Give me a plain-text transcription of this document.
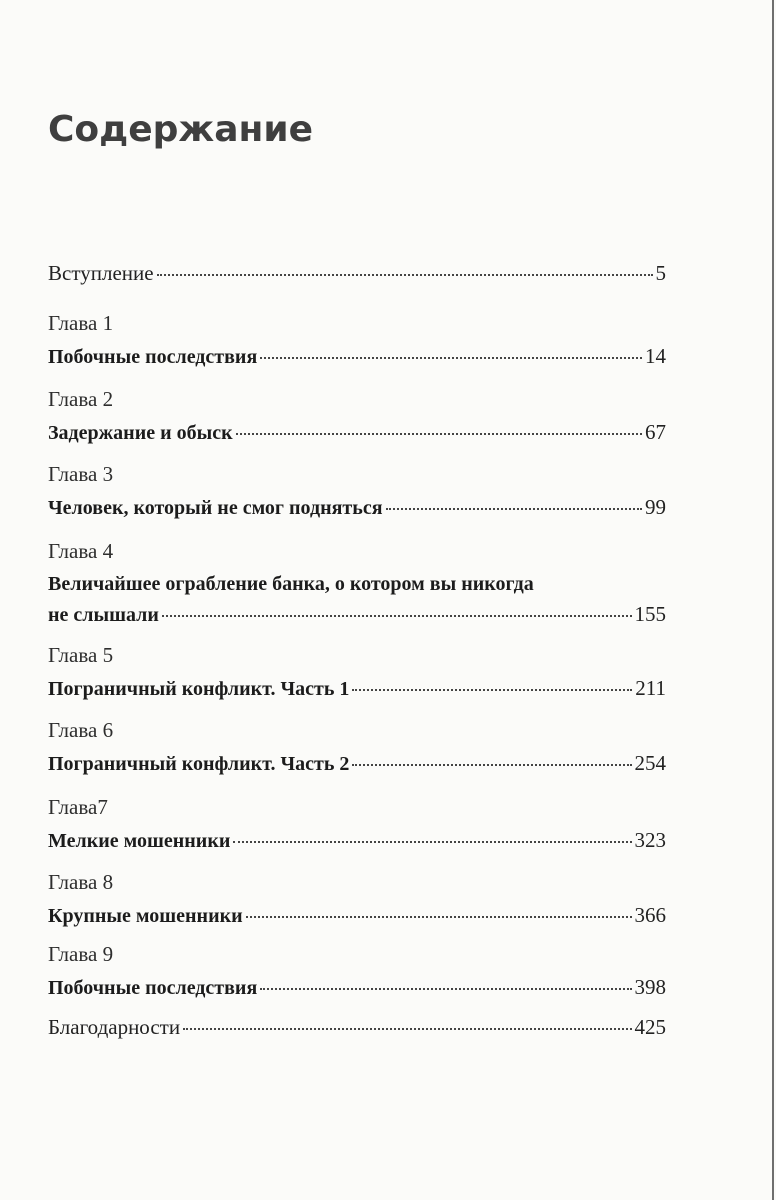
Содержание
Вступление	5
Глава 1
Побочные последствия	14
Глава 2
Задержание и обыск	67
Глава 3
Человек, который не смог подняться	99
Глава 4
Величайшее ограбление банка, о котором вы никогда
не слышали	155
Глава 5
Пограничный конфликт. Часть 1	211
Глава 6
Пограничный конфликт. Часть 2	254
Глава7
Мелкие мошенники	323
Глава 8
Крупные мошенники	366
Глава 9
Побочные последствия	398
Благодарности	425
